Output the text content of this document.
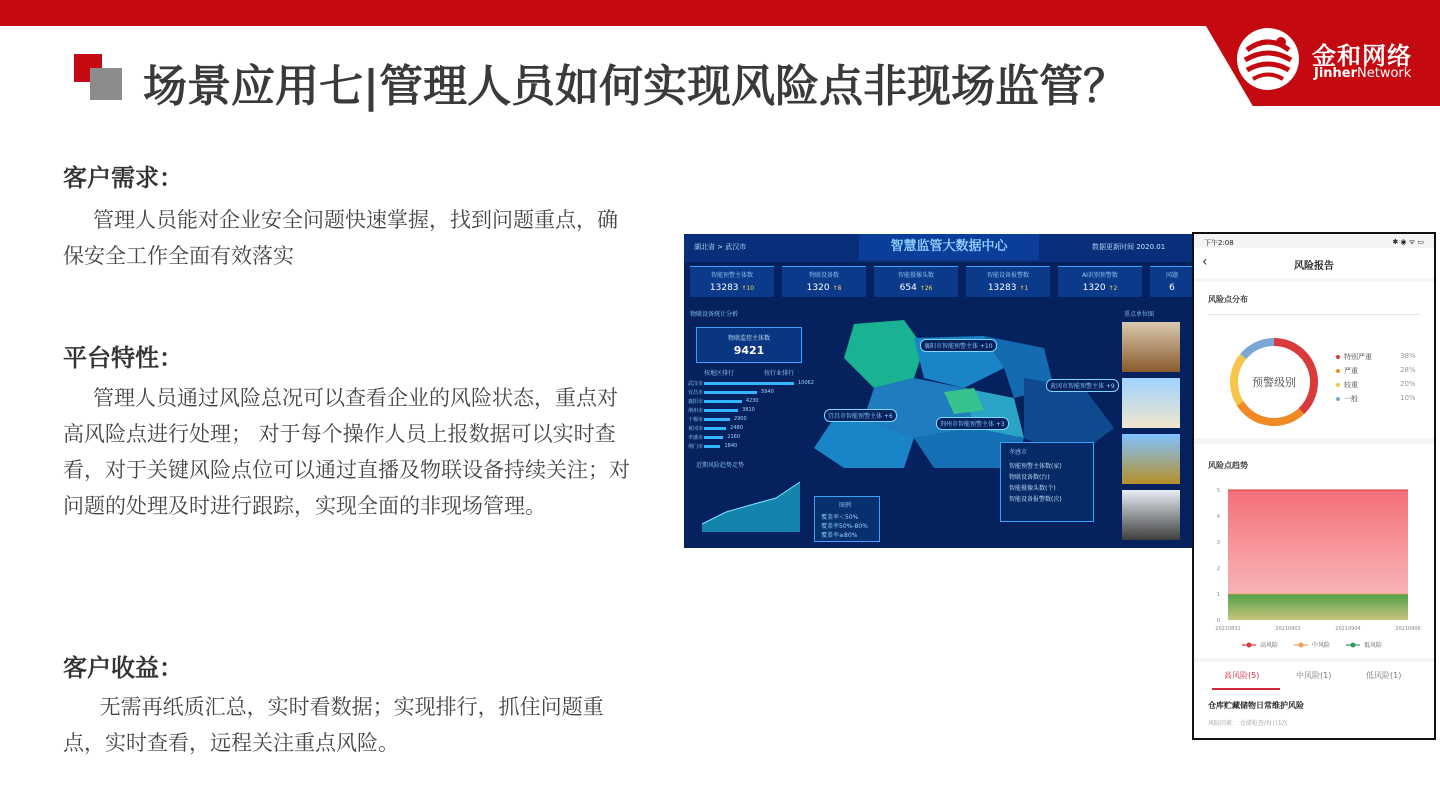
金和网络
JinherNetwork
场景应用七|管理人员如何实现风险点非现场监管？
客户需求：
管理人员能对企业安全问题快速掌握，找到问题重点，确保安全工作全面有效落实
平台特性：
管理人员通过风险总况可以查看企业的风险状态，重点对高风险点进行处理； 对于每个操作人员上报数据可以实时查看，对于关键风险点位可以通过直播及物联设备持续关注；对问题的处理及时进行跟踪，实现全面的非现场管理。
客户收益：
无需再纸质汇总，实时看数据；实现排行，抓住问题重点，实时查看，远程关注重点风险。
湖北省 > 武汉市	智慧监管大数据中心	数据更新时间 2020.01
智能预警主体数
13283 ↑10
物联设备数
1320 ↑8
智能摄像头数
654 ↑26
智能设备报警数
13283 ↑1
AI识别预警数
1320 ↑2
问题
6
物联设备统计分析
物联监控主体数
9421
按地区排行	按行业排行
武汉市	10062
宜昌市	5940
襄阳市	4230
荆州市	3810
十堰市	2900
黄冈市	2480
孝感市	2160
荆门市	1840
近期风险趋势走势
襄阳市智能预警主体 +10
宜昌市智能预警主体 +6
黄冈市智能预警主体 +9
荆州市智能预警主体 +3
图例
覆盖率＜50%
覆盖率50%-80%
覆盖率≥80%
孝感市
智能预警主体数(家)
物联设备数(台)
智能摄像头数(个)
智能设备报警数(次)
重点单位图
下午2:08	✱ ◉ ᯤ ▭
‹	风险报告
风险点分布
预警级别
特别严重	38%
严重	28%
较重	20%
一般	10%
风险点趋势
0
1
2
3
4
5
20210831	20210902	20210904	20210906
高风险	中风险	低风险
高风险(5)	中风险(1)	低风险(1)
仓库贮藏储物日常维护风险
风险因素： 仓储检查/每日1次
